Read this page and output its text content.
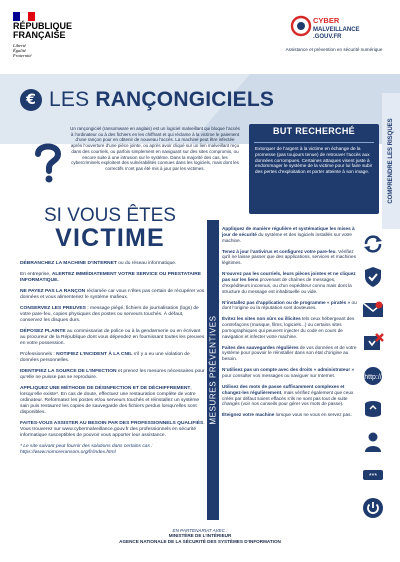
RÉPUBLIQUE FRANÇAISE
Liberté
Égalité
Fraternité
CYBER
MALVEILLANCE
.GOUV.FR
Assistance et prévention en sécurité numérique
€ LES RANÇONGICIELS
Un rançongiciel (ransomware en anglais) est un logiciel malveillant qui bloque l’accès à l’ordinateur ou à des fichiers en les chiffrant et qui réclame à la victime le paiement d’une rançon pour en obtenir de nouveau l’accès. La machine peut être infectée après l’ouverture d’une pièce jointe, ou après avoir cliqué sur un lien malveillant reçu dans des courriels, ou parfois simplement en naviguant sur des sites compromis, ou encore suite à une intrusion sur le système. Dans la majorité des cas, les cybercriminels exploitent des vulnérabilités connues dans les logiciels, mais dont les correctifs n’ont pas été mis à jour par les victimes.
BUT RECHERCHÉ
Extorquer de l’argent à la victime en échange de la promesse (pas toujours tenue) de retrouver l’accès aux données corrompues. Certaines attaques visent juste à endommager le système de la victime pour lui faire subir des pertes d’exploitation et porter atteinte à son image.	COMPRENDRE LES RISQUES
SI VOUS ÊTES
VICTIME

DÉBRANCHEZ LA MACHINE D’INTERNET ou du réseau informatique.

En entreprise, ALERTEZ IMMÉDIATEMENT VOTRE SERVICE OU PRESTATAIRE INFORMATIQUE.

NE PAYEZ PAS LA RANÇON réclamée car vous n’êtes pas certain de récupérer vos données et vous alimenteriez le système mafieux.

CONSERVEZ LES PREUVES : message piégé, fichiers de journalisation (logs) de votre pare-feu, copies physiques des postes ou serveurs touchés. À défaut, conservez les disques durs.

DÉPOSEZ PLAINTE au commissariat de police ou à la gendarmerie ou en écrivant au procureur de la République dont vous dépendez en fournissant toutes les preuves en votre possession.

Professionnels : NOTIFIEZ L’INCIDENT À LA CNIL s’il y a eu une violation de données personnelles.

IDENTIFIEZ LA SOURCE DE L’INFECTION et prenez les mesures nécessaires pour qu’elle ne puisse pas se reproduire.

APPLIQUEZ UNE MÉTHODE DE DÉSINFECTION ET DE DÉCHIFFREMENT, lorsqu’elle existe*. En cas de doute, effectuez une restauration complète de votre ordinateur. Reformatez les postes et/ou serveurs touchés et réinstallez un système sain puis restaurez les copies de sauvegarde des fichiers perdus lorsqu’elles sont disponibles.

FAITES-VOUS ASSISTER AU BESOIN PAR DES PROFESSIONNELS QUALIFIÉS. Vous trouverez sur www.cybermalveillance.gouv.fr des professionnels en sécurité informatique susceptibles de pouvoir vous apporter leur assistance.

* Le site suivant peut fournir des solutions dans certains cas : https://www.nomoreransom.org/fr/index.html

MESURES PRÉVENTIVES

Appliquez de manière régulière et systématique les mises à jour de sécurité du système et des logiciels installés sur votre machine.

Tenez à jour l’antivirus et configurez votre pare-feu. Vérifiez qu’il ne laisse passer que des applications, services et machines légitimes.

N’ouvrez pas les courriels, leurs pièces jointes et ne cliquez pas sur les liens provenant de chaînes de messages, d’expéditeurs inconnus, ou d’un expéditeur connu mais dont la structure du message est inhabituelle ou vide.

N’installez pas d’application ou de programme « piratés » ou dont l’origine ou la réputation sont douteuses.

Évitez les sites non sûrs ou illicites tels ceux hébergeant des contrefaçons (musique, films, logiciels...) ou certains sites pornographiques qui peuvent injecter du code en cours de navigation et infecter votre machine.

Faites des sauvegardes régulières de vos données et de votre système pour pouvoir le réinstaller dans son état d’origine au besoin.

N’utilisez pas un compte avec des droits « administrateur » pour consulter vos messages ou naviguer sur Internet.

Utilisez des mots de passe suffisamment complexes et changez-les régulièrement, mais vérifiez également que ceux créés par défaut soient effacés s’ils ne sont pas tout de suite changés (voir nos conseils pour gérer vos mots de passe).

Éteignez votre machine lorsque vous ne vous en servez pas.

http://
***
EN PARTENARIAT AVEC :
MINISTÈRE DE L’INTÉRIEUR
AGENCE NATIONALE DE LA SÉCURITÉ DES SYSTÈMES D’INFORMATION
